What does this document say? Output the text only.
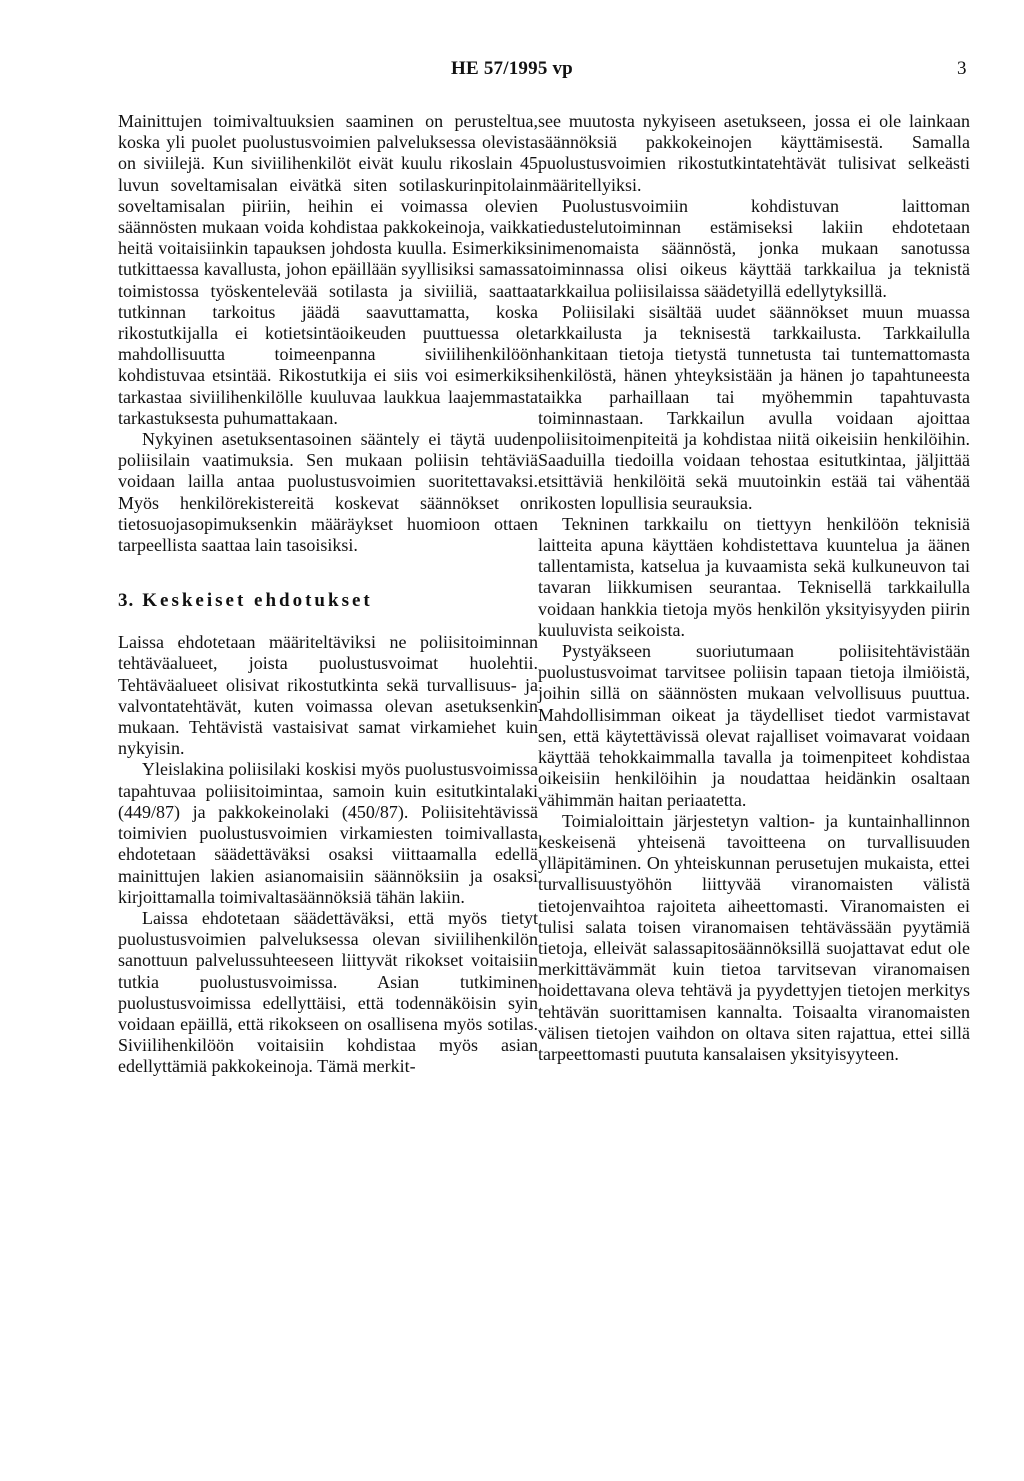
HE 57/1995 vp	3

Mainittujen toimivaltuuksien saaminen on perusteltua, koska yli puolet puolustusvoimien palveluksessa olevista on siviilejä. Kun siviilihenkilöt eivät kuulu rikoslain 45 luvun soveltamisalan eivätkä siten sotilaskurinpitolain soveltamisalan piiriin, heihin ei voimassa olevien säännösten mukaan voida kohdistaa pakkokeinoja, vaikka heitä voitaisiinkin tapauksen johdosta kuulla. Esimerkiksi tutkittaessa kavallusta, johon epäillään syyllisiksi samassa toimistossa työskentelevää sotilasta ja siviiliä, saattaa tutkinnan tarkoitus jäädä saavuttamatta, koska rikostutkijalla ei kotietsintäoikeuden puuttuessa ole mahdollisuutta toimeenpanna siviilihenkilöön kohdistuvaa etsintää. Rikostutkija ei siis voi esimerkiksi tarkastaa siviilihenkilölle kuuluvaa laukkua laajemmasta tarkastuksesta puhumattakaan.

Nykyinen asetuksentasoinen sääntely ei täytä uuden poliisilain vaatimuksia. Sen mukaan poliisin tehtäviä voidaan lailla antaa puolustusvoimien suoritettavaksi. Myös henkilörekistereitä koskevat säännökset on tietosuojasopimuksenkin määräykset huomioon ottaen tarpeellista saattaa lain tasoisiksi.

3. Keskeiset ehdotukset

Laissa ehdotetaan määriteltäviksi ne poliisitoiminnan tehtäväalueet, joista puolustusvoimat huolehtii. Tehtäväalueet olisivat rikostutkinta sekä turvallisuus- ja valvontatehtävät, kuten voimassa olevan asetuksenkin mukaan. Tehtävistä vastaisivat samat virkamiehet kuin nykyisin.

Yleislakina poliisilaki koskisi myös puolustusvoimissa tapahtuvaa poliisitoimintaa, samoin kuin esitutkintalaki (449/87) ja pakkokeinolaki (450/87). Poliisitehtävissä toimivien puolustusvoimien virkamiesten toimivallasta ehdotetaan säädettäväksi osaksi viittaamalla edellä mainittujen lakien asianomaisiin säännöksiin ja osaksi kirjoittamalla toimivaltasäännöksiä tähän lakiin.

Laissa ehdotetaan säädettäväksi, että myös tietyt puolustusvoimien palveluksessa olevan siviilihenkilön sanottuun palvelussuhteeseen liittyvät rikokset voitaisiin tutkia puolustusvoimissa. Asian tutkiminen puolustusvoimissa edellyttäisi, että todennäköisin syin voidaan epäillä, että rikokseen on osallisena myös sotilas. Siviilihenkilöön voitaisiin kohdistaa myös asian edellyttämiä pakkokeinoja. Tämä merkit-

see muutosta nykyiseen asetukseen, jossa ei ole lainkaan säännöksiä pakkokeinojen käyttämisestä. Samalla puolustusvoimien rikostutkintatehtävät tulisivat selkeästi määritellyiksi.

Puolustusvoimiin kohdistuvan laittoman tiedustelutoiminnan estämiseksi lakiin ehdotetaan nimenomaista säännöstä, jonka mukaan sanotussa toiminnassa olisi oikeus käyttää tarkkailua ja teknistä tarkkailua poliisilaissa säädetyillä edellytyksillä.

Poliisilaki sisältää uudet säännökset muun muassa tarkkailusta ja teknisestä tarkkailusta. Tarkkailulla hankitaan tietoja tietystä tunnetusta tai tuntemattomasta henkilöstä, hänen yhteyksistään ja hänen jo tapahtuneesta taikka parhaillaan tai myöhemmin tapahtuvasta toiminnastaan. Tarkkailun avulla voidaan ajoittaa poliisitoimenpiteitä ja kohdistaa niitä oikeisiin henkilöihin. Saaduilla tiedoilla voidaan tehostaa esitutkintaa, jäljittää etsittäviä henkilöitä sekä muutoinkin estää tai vähentää rikosten lopullisia seurauksia.

Tekninen tarkkailu on tiettyyn henkilöön teknisiä laitteita apuna käyttäen kohdistettava kuuntelua ja äänen tallentamista, katselua ja kuvaamista sekä kulkuneuvon tai tavaran liikkumisen seurantaa. Teknisellä tarkkailulla voidaan hankkia tietoja myös henkilön yksityisyyden piirin kuuluvista seikoista.

Pystyäkseen suoriutumaan poliisitehtävistään puolustusvoimat tarvitsee poliisin tapaan tietoja ilmiöistä, joihin sillä on säännösten mukaan velvollisuus puuttua. Mahdollisimman oikeat ja täydelliset tiedot varmistavat sen, että käytettävissä olevat rajalliset voimavarat voidaan käyttää tehokkaimmalla tavalla ja toimenpiteet kohdistaa oikeisiin henkilöihin ja noudattaa heidänkin osaltaan vähimmän haitan periaatetta.

Toimialoittain järjestetyn valtion- ja kuntainhallinnon keskeisenä yhteisenä tavoitteena on turvallisuuden ylläpitäminen. On yhteiskunnan perusetujen mukaista, ettei turvallisuustyöhön liittyvää viranomaisten välistä tietojenvaihtoa rajoiteta aiheettomasti. Viranomaisten ei tulisi salata toisen viranomaisen tehtävässään pyytämiä tietoja, elleivät salassapitosäännöksillä suojattavat edut ole merkittävämmät kuin tietoa tarvitsevan viranomaisen hoidettavana oleva tehtävä ja pyydettyjen tietojen merkitys tehtävän suorittamisen kannalta. Toisaalta viranomaisten välisen tietojen vaihdon on oltava siten rajattua, ettei sillä tarpeettomasti puututa kansalaisen yksityisyyteen.
